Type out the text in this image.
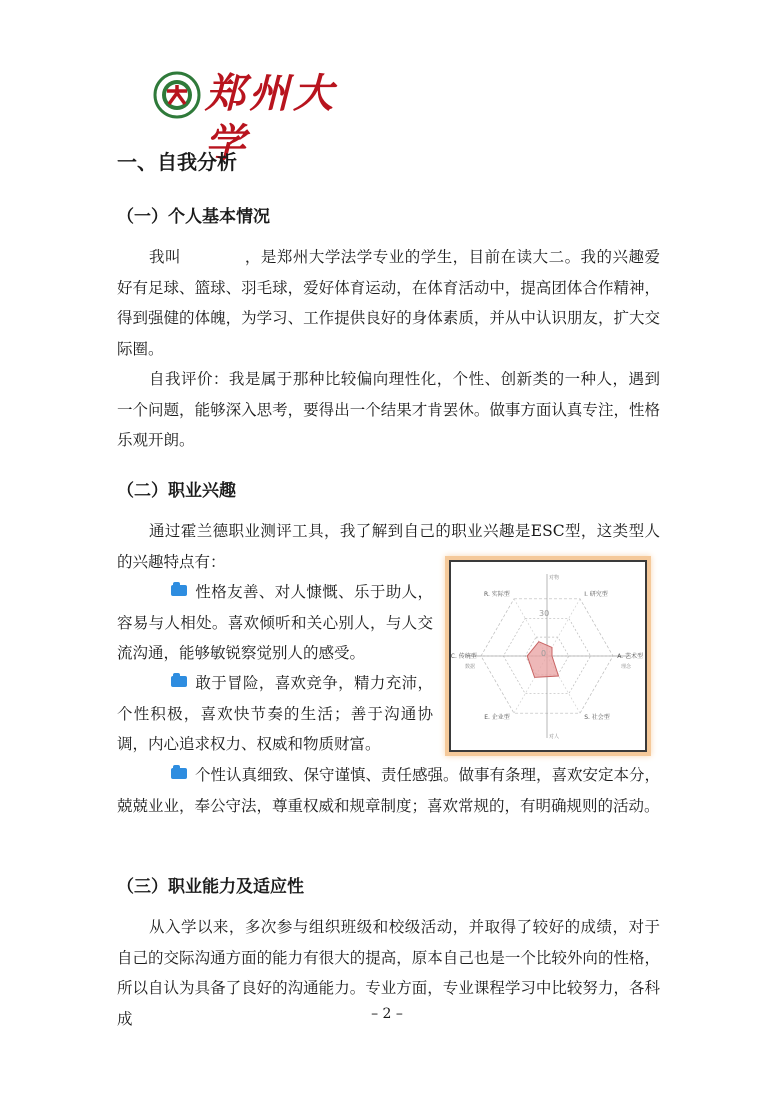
郑州大学
一、自我分析
（一）个人基本情况

我叫　　　　，是郑州大学法学专业的学生，目前在读大二。我的兴趣爱好有足球、篮球、羽毛球，爱好体育运动，在体育活动中，提高团体合作精神，得到强健的体魄，为学习、工作提供良好的身体素质，并从中认识朋友，扩大交际圈。

自我评价：我是属于那种比较偏向理性化，个性、创新类的一种人，遇到一个问题，能够深入思考，要得出一个结果才肯罢休。做事方面认真专注，性格乐观开朗。

（二）职业兴趣

通过霍兰德职业测评工具，我了解到自己的职业兴趣是ESC型，这类型人的兴趣特点有：

性格友善、对人慷慨、乐于助人，容易与人相处。喜欢倾听和关心别人，与人交流沟通，能够敏锐察觉别人的感受。

敢于冒险，喜欢竞争，精力充沛，个性积极，喜欢快节奏的生活；善于沟通协调，内心追求权力、权威和物质财富。

个性认真细致、保守谨慎、责任感强。做事有条理，喜欢安定本分，兢兢业业，奉公守法，尊重权威和规章制度；喜欢常规的，有明确规则的活动。

R. 实际型	I. 研究型
A. 艺术型
S. 社会型
E. 企业型
C. 传统型
30
0
对物
对人
数据	理念
（三）职业能力及适应性

从入学以来，多次参与组织班级和校级活动，并取得了较好的成绩，对于自己的交际沟通方面的能力有很大的提高，原本自己也是一个比较外向的性格，所以自认为具备了良好的沟通能力。专业方面，专业课程学习中比较努力，各科成	– 2 –
